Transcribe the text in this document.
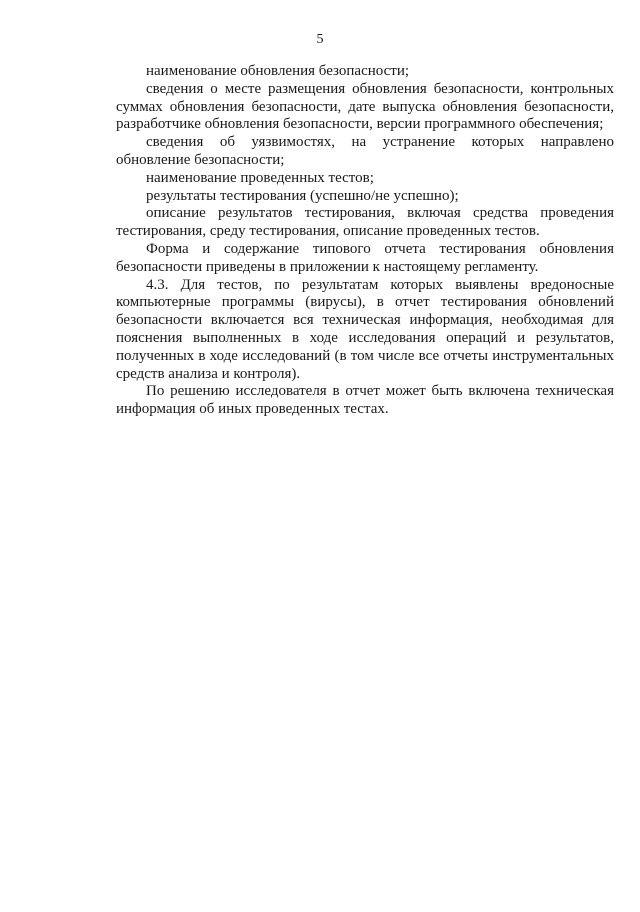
5

наименование обновления безопасности;

сведения о месте размещения обновления безопасности, контрольных суммах обновления безопасности, дате выпуска обновления безопасности, разработчике обновления безопасности, версии программного обеспечения;

сведения об уязвимостях, на устранение которых направлено обновление безопасности;

наименование проведенных тестов;

результаты тестирования (успешно/не успешно);

описание результатов тестирования, включая средства проведения тестирования, среду тестирования, описание проведенных тестов.

Форма и содержание типового отчета тестирования обновления безопасности приведены в приложении к настоящему регламенту.

4.3. Для тестов, по результатам которых выявлены вредоносные компьютерные программы (вирусы), в отчет тестирования обновлений безопасности включается вся техническая информация, необходимая для пояснения выполненных в ходе исследования операций и результатов, полученных в ходе исследований (в том числе все отчеты инструментальных средств анализа и контроля).

По решению исследователя в отчет может быть включена техническая информация об иных проведенных тестах.
